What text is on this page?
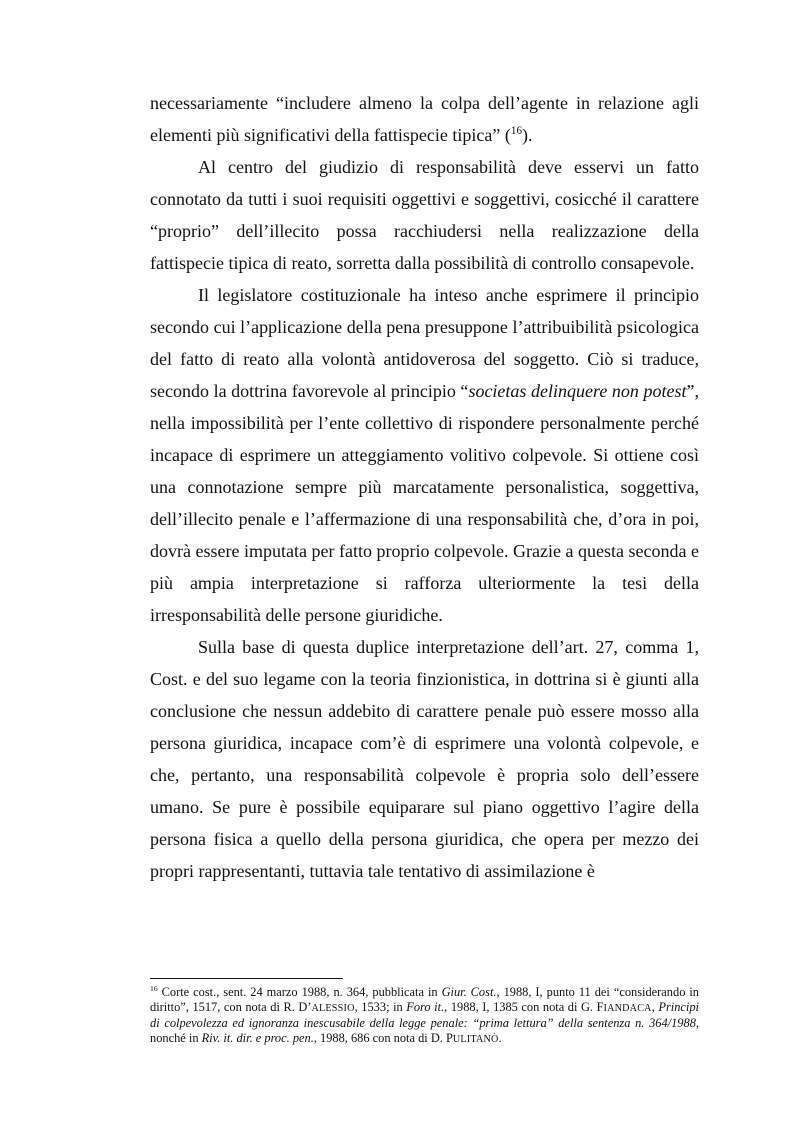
necessariamente “includere almeno la colpa dell’agente in relazione agli elementi più significativi della fattispecie tipica” ($^{16}$).

Al centro del giudizio di responsabilità deve esservi un fatto connotato da tutti i suoi requisiti oggettivi e soggettivi, cosicché il carattere “proprio” dell’illecito possa racchiudersi nella realizzazione della fattispecie tipica di reato, sorretta dalla possibilità di controllo consapevole.

Il legislatore costituzionale ha inteso anche esprimere il principio secondo cui l’applicazione della pena presuppone l’attribuibilità psicologica del fatto di reato alla volontà antidoverosa del soggetto. Ciò si traduce, secondo la dottrina favorevole al principio “societas delinquere non potest”, nella impossibilità per l’ente collettivo di rispondere personalmente perché incapace di esprimere un atteggiamento volitivo colpevole. Si ottiene così una connotazione sempre più marcatamente personalistica, soggettiva, dell’illecito penale e l’affermazione di una responsabilità che, d’ora in poi, dovrà essere imputata per fatto proprio colpevole. Grazie a questa seconda e più ampia interpretazione si rafforza ulteriormente la tesi della irresponsabilità delle persone giuridiche.

Sulla base di questa duplice interpretazione dell’art. 27, comma 1, Cost. e del suo legame con la teoria finzionistica, in dottrina si è giunti alla conclusione che nessun addebito di carattere penale può essere mosso alla persona giuridica, incapace com’è di esprimere una volontà colpevole, e che, pertanto, una responsabilità colpevole è propria solo dell’essere umano. Se pure è possibile equiparare sul piano oggettivo l’agire della persona fisica a quello della persona giuridica, che opera per mezzo dei propri rappresentanti, tuttavia tale tentativo di assimilazione è

$^{16}$ Corte cost., sent. 24 marzo 1988, n. 364, pubblicata in Giur. Cost., 1988, I, punto 11 dei “considerando in diritto”, 1517, con nota di R. D’ALESSIO, 1533; in Foro it., 1988, I, 1385 con nota di G. FIANDACA, Principi di colpevolezza ed ignoranza inescusabile della legge penale: “prima lettura” della sentenza n. 364/1988, nonché in Riv. it. dir. e proc. pen., 1988, 686 con nota di D. PULITANÒ.
